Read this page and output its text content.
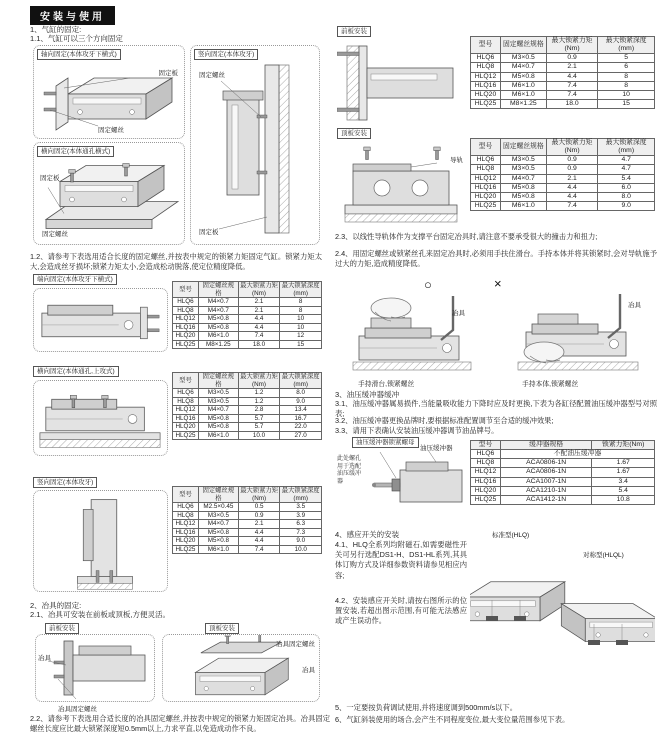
安装与使用
1、气缸的固定:
1.1、气缸可以三个方向固定
轴向固定(本体攻牙下横式)
固定板
固定螺丝
竖向固定(本体攻牙)
固定螺丝
固定板
横向固定(本体通孔横式)
固定板
固定螺丝
1.2、请参考下表选用适合长度的固定螺丝,并按表中规定的锁紧力矩固定气缸。锁紧力矩太大,会造成丝牙损坏;锁紧力矩太小,会造成松动脱落,使定位精度降低。
端向固定(本体攻牙下横式)
型号	固定螺丝规格	最大锁紧力矩(Nm)	最大锁紧深度(mm)
HLQ6	M4×0.7	2.1	8
HLQ8	M4×0.7	2.1	8
HLQ12	M5×0.8	4.4	10
HLQ16	M5×0.8	4.4	10
HLQ20	M6×1.0	7.4	12
HLQ25	M8×1.25	18.0	15
横向固定(本体通孔,上攻式)
型号	固定螺丝规格	最大锁紧力矩(Nm)	最大锁紧深度(mm)
HLQ6	M3×0.5	1.2	8.0
HLQ8	M3×0.5	1.2	9.0
HLQ12	M4×0.7	2.8	13.4
HLQ16	M5×0.8	5.7	16.7
HLQ20	M5×0.8	5.7	22.0
HLQ25	M6×1.0	10.0	27.0
竖向固定(本体攻牙)
型号	固定螺丝规格	最大锁紧力矩(Nm)	最大锁紧深度(mm)
HLQ6	M2.5×0.45	0.5	3.5
HLQ8	M3×0.5	0.9	3.9
HLQ12	M4×0.7	2.1	6.3
HLQ16	M5×0.8	4.4	7.3
HLQ20	M5×0.8	4.4	9.0
HLQ25	M6×1.0	7.4	10.0
2、冶具的固定:
2.1、冶具可安装在前板或顶板,方便灵活。
前板安装
冶具
冶具固定螺丝
顶板安装
冶具固定螺丝
冶具
2.2、请参考下表选用合适长度的冶具固定螺丝,并按表中规定的锁紧力矩固定冶具。冶具固定螺丝长度应比最大锁紧深度短0.5mm以上,力求平直,以免造成动作不良。
前板安装
型号	固定螺丝规格	最大锁紧力矩(Nm)	最大锁紧深度(mm)
HLQ6	M3×0.5	0.9	5
HLQ8	M4×0.7	2.1	6
HLQ12	M5×0.8	4.4	8
HLQ16	M6×1.0	7.4	8
HLQ20	M6×1.0	7.4	10
HLQ25	M8×1.25	18.0	15
顶板安装
导轨
型号	固定螺丝规格	最大锁紧力矩(Nm)	最大锁紧深度(mm)
HLQ6	M3×0.5	0.9	4.7
HLQ8	M3×0.5	0.9	4.7
HLQ12	M4×0.7	2.1	5.4
HLQ16	M5×0.8	4.4	6.0
HLQ20	M5×0.8	4.4	8.0
HLQ25	M6×1.0	7.4	9.0
2.3、以线性导轨体作为支撑平台固定冶具时,请注意不要承受很大的撞击力和扭力;
2.4、用固定螺丝或锁紧丝孔来固定冶具时,必须用手扶住滑台。手持本体并将其锁紧时,会对导轨施予过大的力矩,造成精度降低。
○
冶具
手持滑台,锁紧螺丝
×
冶具
手持本体,锁紧螺丝
3、油压缓冲器缓冲
3.1、油压缓冲器属易损件,当能量吸收能力下降时应及时更换,下表为各缸径配置油压缓冲器型号对照表;
3.2、油压缓冲器更换品牌时,要根据标准配置调节至合适的缓冲效果;
3.3、请用下表确认安装油压缓冲器调节油品牌号。
油压缓冲器锁紧螺母
此处螺孔用于选配油压缓冲器
油压缓冲器
型号	缓冲器规格	锁紧力矩(Nm)
HLQ6	不配油压缓冲器	
HLQ8	ACA0806-1N	1.67
HLQ12	ACA0806-1N	1.67
HLQ16	ACA1007-1N	3.4
HLQ20	ACA1210-1N	5.4
HLQ25	ACA1412-1N	10.8
4、感应开关的安装
4.1、HLQ全系列均附磁石,如需要磁性开关可另行选配DS1-H、DS1-HL系列,其具体订购方式及详细参数资料请参见相应内容;
4.2、安装感应开关时,请按右图所示的位置安装,若超出图示范围,有可能无法感应或产生误动作。
标准型(HLQ)
对称型(HLQL)
5、一定要按负荷调试使用,并将速度调到500mm/s以下。
6、气缸斜装使用的场合,会产生不同程度变位,最大变位量范围参见下表。
